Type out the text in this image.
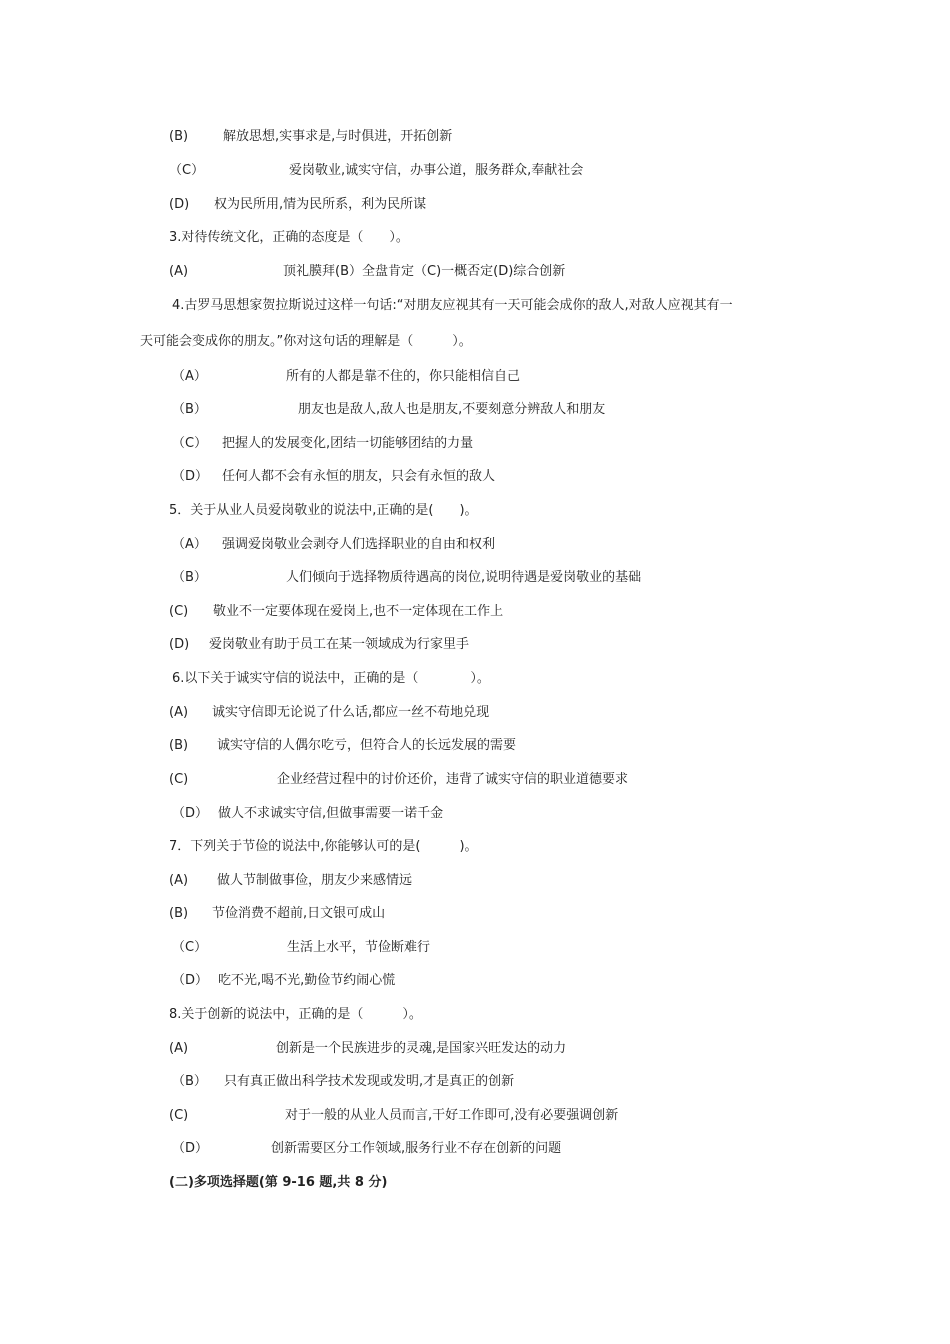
(B)	解放思想,实事求是,与时俱进，开拓创新
（C）	爱岗敬业,诚实守信，办事公道，服务群众,奉献社会
(D) 权为民所用,情为民所系，利为民所谋
3.对待传统文化，正确的态度是（　　）。
(A)	顶礼膜拜(B）全盘肯定（C)一概否定(D)综合创新
4.古罗马思想家贺拉斯说过这样一句话:“对朋友应视其有一天可能会成你的敌人,对敌人应视其有一
天可能会变成你的朋友。”你对这句话的理解是（　　　）。
（A）	所有的人都是靠不住的，你只能相信自己
（B）	朋友也是敌人,敌人也是朋友,不要刻意分辨敌人和朋友
（C） 把握人的发展变化,团结一切能够团结的力量
（D） 任何人都不会有永恒的朋友，只会有永恒的敌人
5．关于从业人员爱岗敬业的说法中,正确的是(　　)。
（A） 强调爱岗敬业会剥夺人们选择职业的自由和权利
（B）	人们倾向于选择物质待遇高的岗位,说明待遇是爱岗敬业的基础
(C) 敬业不一定要体现在爱岗上,也不一定体现在工作上
(D) 爱岗敬业有助于员工在某一领域成为行家里手
6.以下关于诚实守信的说法中，正确的是（　　　　）。
(A) 诚实守信即无论说了什么话,都应一丝不苟地兑现
(B) 诚实守信的人偶尔吃亏，但符合人的长远发展的需要
(C)	企业经营过程中的讨价还价，违背了诚实守信的职业道德要求
（D） 做人不求诚实守信,但做事需要一诺千金
7．下列关于节俭的说法中,你能够认可的是(　　　)。
(A) 做人节制做事俭，朋友少来感情远
(B) 节俭消费不超前,日文银可成山
（C）	生活上水平，节俭断难行
（D） 吃不光,喝不光,勤俭节约闹心慌
8.关于创新的说法中，正确的是（　　　）。
(A)	创新是一个民族进步的灵魂,是国家兴旺发达的动力
（B） 只有真正做出科学技术发现或发明,才是真正的创新
(C)	对于一般的从业人员而言,干好工作即可,没有必要强调创新
（D）	创新需要区分工作领域,服务行业不存在创新的问题
(二)多项选择题(第 9-16 题,共 8 分)
